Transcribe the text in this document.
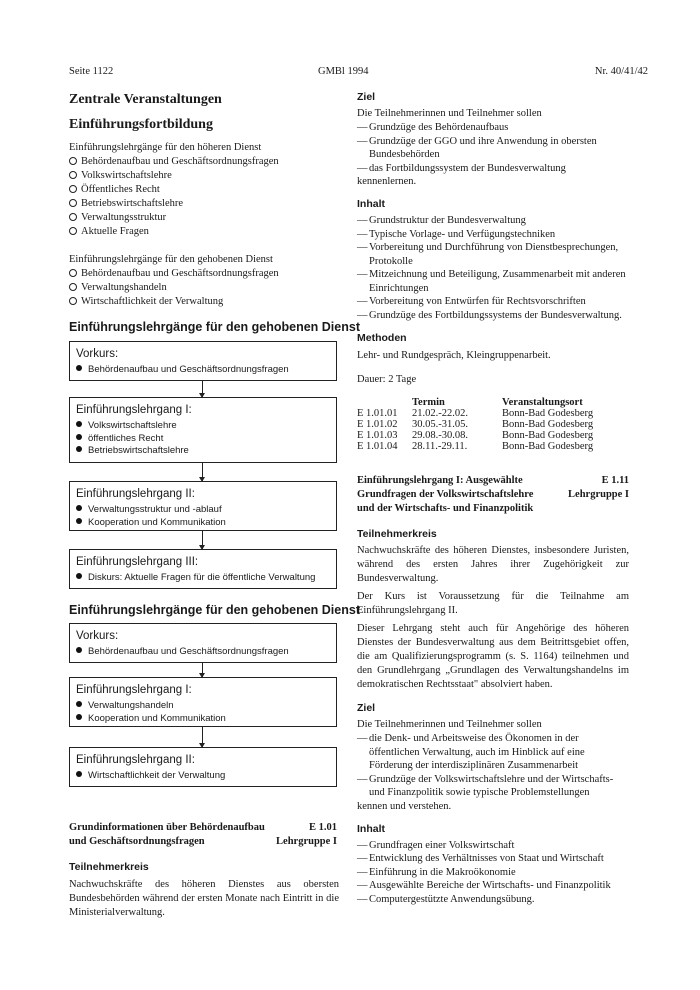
Seite 1122	GMBl 1994	Nr. 40/41/42
Zentrale Veranstaltungen
Einführungsfortbildung
Einführungslehrgänge für den höheren Dienst
Behördenaufbau und Geschäftsordnungsfragen
Volkswirtschaftslehre
Öffentliches Recht
Betriebswirtschaftslehre
Verwaltungsstruktur
Aktuelle Fragen
Einführungslehrgänge für den gehobenen Dienst
Behördenaufbau und Geschäftsordnungsfragen
Verwaltungshandeln
Wirtschaftlichkeit der Verwaltung
Einführungslehrgänge für den gehobenen Dienst
Vorkurs:
Behördenaufbau und Geschäftsordnungsfragen
Einführungslehrgang I:
Volkswirtschaftslehre
öffentliches Recht
Betriebswirtschaftslehre
Einführungslehrgang II:
Verwaltungsstruktur und -ablauf
Kooperation und Kommunikation
Einführungslehrgang III:
Diskurs: Aktuelle Fragen für die öffentliche Verwaltung
Einführungslehrgänge für den gehobenen Dienst
Vorkurs:
Behördenaufbau und Geschäftsordnungsfragen
Einführungslehrgang I:
Verwaltungshandeln
Kooperation und Kommunikation
Einführungslehrgang II:
Wirtschaftlichkeit der Verwaltung
Grundinformationen über Behördenaufbau	E 1.01
und Geschäftsordnungsfragen	Lehrgruppe I
Teilnehmerkreis
Nachwuchskräfte des höheren Dienstes aus obersten Bundesbehörden während der ersten Monate nach Eintritt in die Ministerialverwaltung.
Ziel
Die Teilnehmerinnen und Teilnehmer sollen
— Grundzüge des Behördenaufbaus
— Grundzüge der GGO und ihre Anwendung in obersten Bundesbehörden
— das Fortbildungssystem der Bundesverwaltung
kennenlernen.
Inhalt
— Grundstruktur der Bundesverwaltung
— Typische Vorlage- und Verfügungstechniken
— Vorbereitung und Durchführung von Dienstbesprechungen, Protokolle
— Mitzeichnung und Beteiligung, Zusammenarbeit mit anderen Einrichtungen
— Vorbereitung von Entwürfen für Rechtsvorschriften
— Grundzüge des Fortbildungssystems der Bundesverwaltung.
Methoden
Lehr- und Rundgespräch, Kleingruppenarbeit.
Dauer: 2 Tage
	Termin	Veranstaltungsort
E 1.01.01	21.02.-22.02.	Bonn-Bad Godesberg
E 1.01.02	30.05.-31.05.	Bonn-Bad Godesberg
E 1.01.03	29.08.-30.08.	Bonn-Bad Godesberg
E 1.01.04	28.11.-29.11.	Bonn-Bad Godesberg
Einführungslehrgang I: Ausgewählte	E 1.11
Grundfragen der Volkswirtschaftslehre	Lehrgruppe I
und der Wirtschafts- und Finanzpolitik
Teilnehmerkreis
Nachwuchskräfte des höheren Dienstes, insbesondere Juristen, während des ersten Jahres ihrer Zugehörigkeit zur Bundesverwaltung.
Der Kurs ist Voraussetzung für die Teilnahme am Einführungslehrgang II.
Dieser Lehrgang steht auch für Angehörige des höheren Dienstes der Bundesverwaltung aus dem Beitrittsgebiet offen, die am Qualifizierungsprogramm (s. S. 1164) teilnehmen und den Grundlehrgang „Grundlagen des Verwaltungshandelns im demokratischen Rechtsstaat" absolviert haben.
Ziel
Die Teilnehmerinnen und Teilnehmer sollen
— die Denk- und Arbeitsweise des Ökonomen in der öffentlichen Verwaltung, auch im Hinblick auf eine Förderung der interdisziplinären Zusammenarbeit
— Grundzüge der Volkswirtschaftslehre und der Wirtschafts- und Finanzpolitik sowie typische Problemstellungen
kennen und verstehen.
Inhalt
— Grundfragen einer Volkswirtschaft
— Entwicklung des Verhältnisses von Staat und Wirtschaft
— Einführung in die Makroökonomie
— Ausgewählte Bereiche der Wirtschafts- und Finanzpolitik
— Computergestützte Anwendungsübung.
